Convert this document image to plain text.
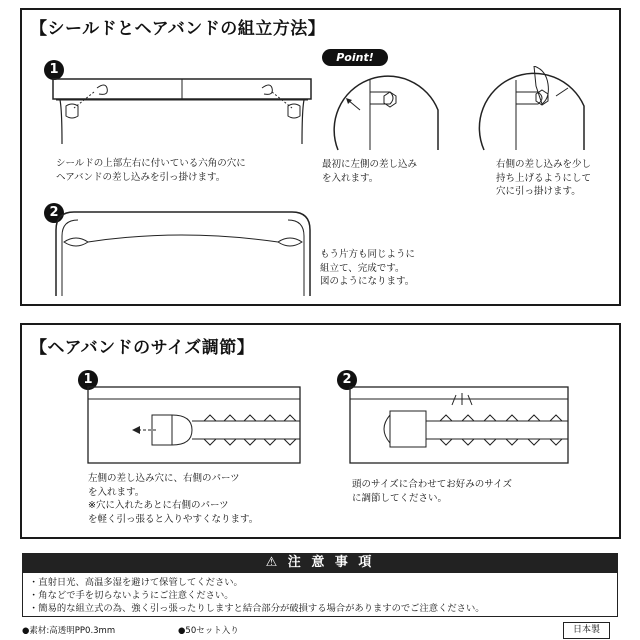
【シールドとヘアバンドの組立方法】
1
シールドの上部左右に付いている六角の穴に
ヘアバンドの差し込みを引っ掛けます。
Point!
最初に左側の差し込み
を入れます。
右側の差し込みを少し
持ち上げるようにして
穴に引っ掛けます。
2
もう片方も同じように
組立て、完成です。
図のようになります。
【ヘアバンドのサイズ調節】
1
左側の差し込み穴に、右側のパーツ
を入れます。
※穴に入れたあとに右側のパーツ
を軽く引っ張ると入りやすくなります。
2
頭のサイズに合わせてお好みのサイズ
に調節してください。
⚠ 注 意 事 項
・直射日光、高温多湿を避けて保管してください。
・角などで手を切らないようにご注意ください。
・簡易的な組立式の為、強く引っ張ったりしますと結合部分が破損する場合がありますのでご注意ください。
●素材:高透明PP0.3mm	●50セット入り	日本製
